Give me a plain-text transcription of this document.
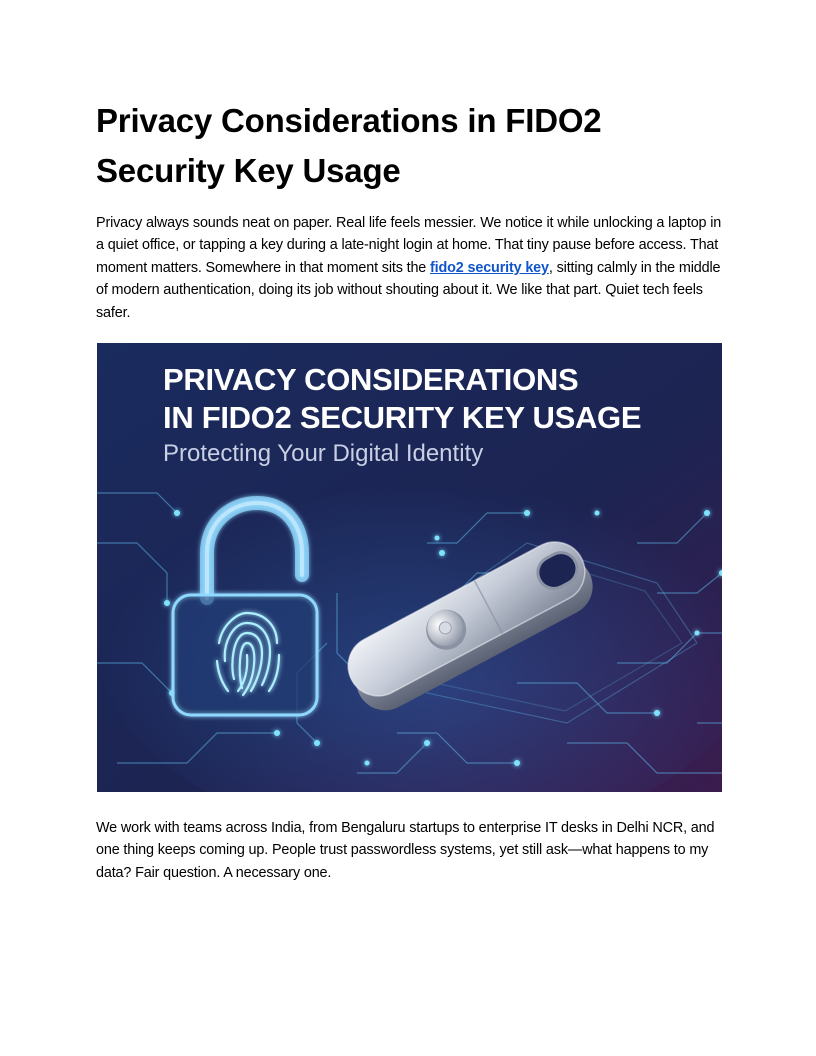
Privacy Considerations in FIDO2 Security Key Usage

Privacy always sounds neat on paper. Real life feels messier. We notice it while unlocking a laptop in a quiet office, or tapping a key during a late-night login at home. That tiny pause before access. That moment matters. Somewhere in that moment sits the fido2 security key, sitting calmly in the middle of modern authentication, doing its job without shouting about it. We like that part. Quiet tech feels safer.

PRIVACY CONSIDERATIONS
IN FIDO2 SECURITY KEY USAGE
Protecting Your Digital Identity

We work with teams across India, from Bengaluru startups to enterprise IT desks in Delhi NCR, and one thing keeps coming up. People trust passwordless systems, yet still ask—what happens to my data? Fair question. A necessary one.
